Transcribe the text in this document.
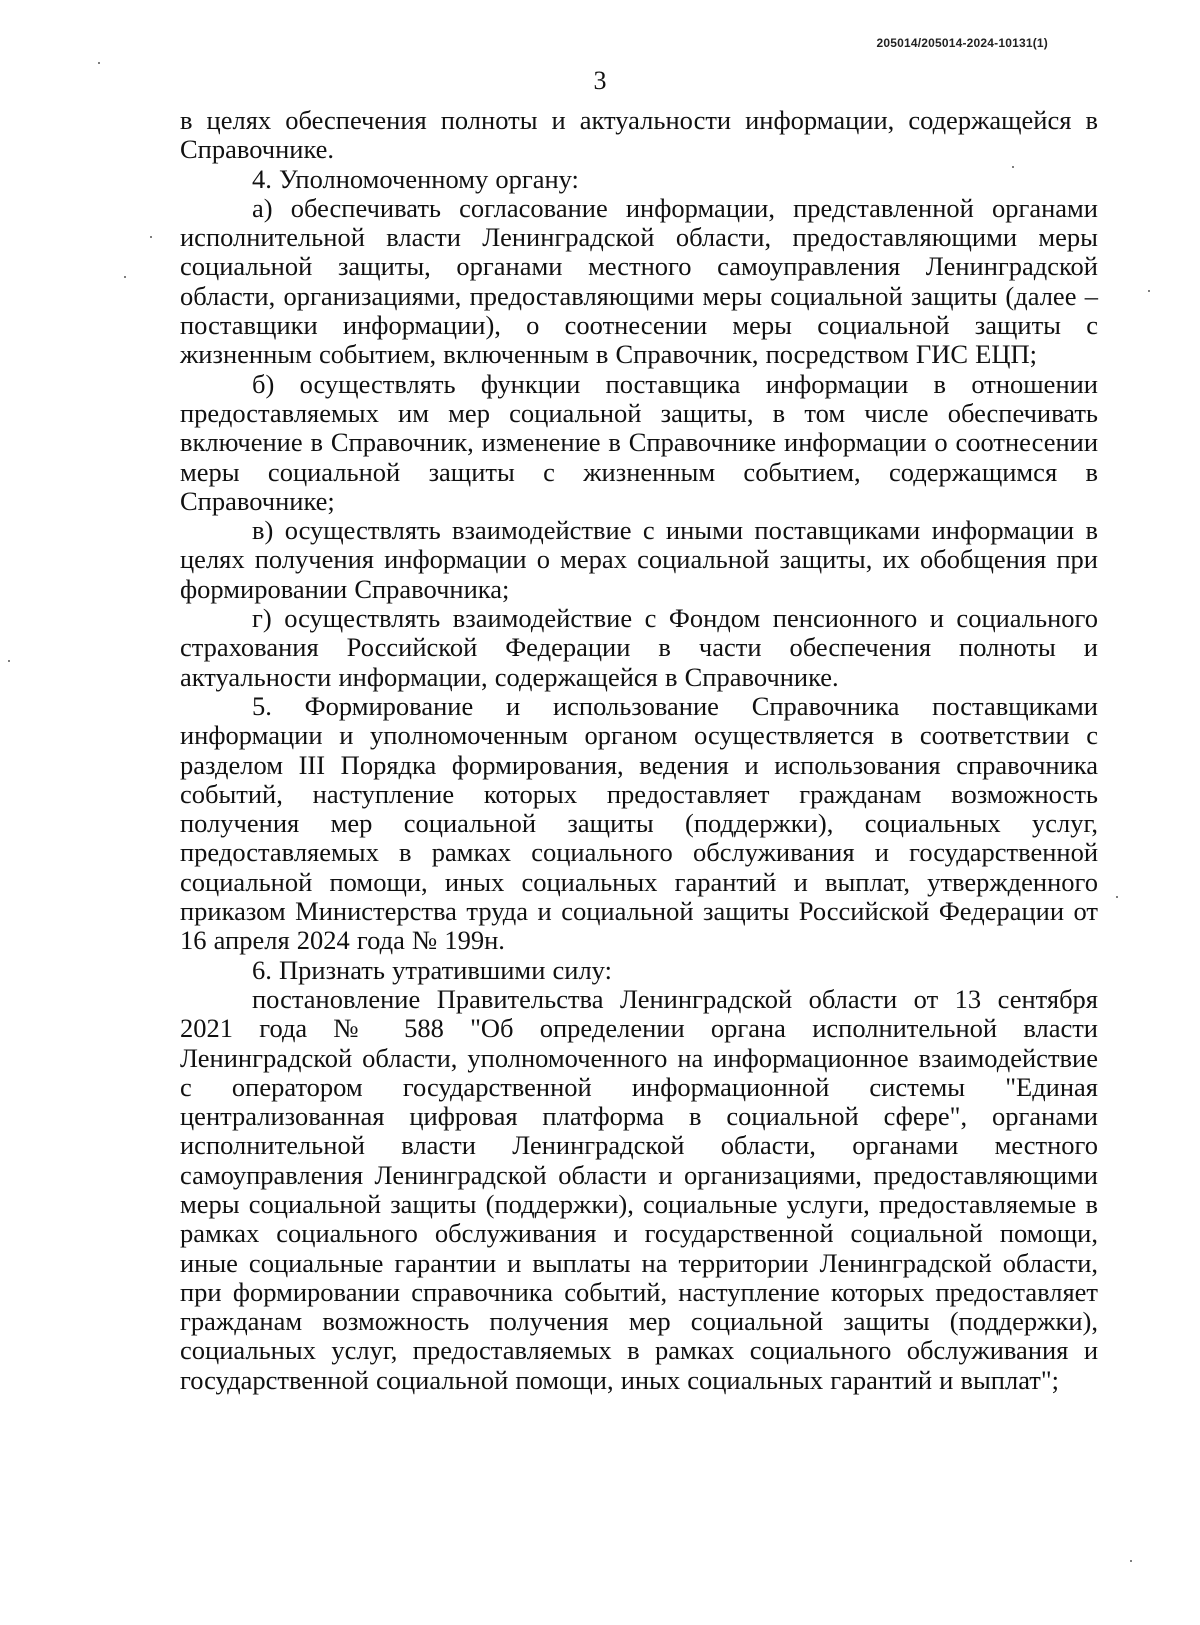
205014/205014-2024-10131(1)
3

в целях обеспечения полноты и актуальности информации, содержащейся в Справочнике.

4. Уполномоченному органу:

а) обеспечивать согласование информации, представленной органами исполнительной власти Ленинградской области, предоставляющими меры социальной защиты, органами местного самоуправления Ленинградской области, организациями, предоставляющими меры социальной защиты (далее – поставщики информации), о соотнесении меры социальной защиты с жизненным событием, включенным в Справочник, посредством ГИС ЕЦП;

б) осуществлять функции поставщика информации в отношении предоставляемых им мер социальной защиты, в том числе обеспечивать включение в Справочник, изменение в Справочнике информации о соотнесении меры социальной защиты с жизненным событием, содержащимся в Справочнике;

в) осуществлять взаимодействие с иными поставщиками информации в целях получения информации о мерах социальной защиты, их обобщения при формировании Справочника;

г) осуществлять взаимодействие с Фондом пенсионного и социального страхования Российской Федерации в части обеспечения полноты и актуальности информации, содержащейся в Справочнике.

5. Формирование и использование Справочника поставщиками информации и уполномоченным органом осуществляется в соответствии с разделом III Порядка формирования, ведения и использования справочника событий, наступление которых предоставляет гражданам возможность получения мер социальной защиты (поддержки), социальных услуг, предоставляемых в рамках социального обслуживания и государственной социальной помощи, иных социальных гарантий и выплат, утвержденного приказом Министерства труда и социальной защиты Российской Федерации от 16 апреля 2024 года № 199н.

6. Признать утратившими силу:

постановление Правительства Ленинградской области от 13 сентября 2021 года № 588 "Об определении органа исполнительной власти Ленинградской области, уполномоченного на информационное взаимодействие с оператором государственной информационной системы "Единая централизованная цифровая платформа в социальной сфере", органами исполнительной власти Ленинградской области, органами местного самоуправления Ленинградской области и организациями, предоставляющими меры социальной защиты (поддержки), социальные услуги, предоставляемые в рамках социального обслуживания и государственной социальной помощи, иные социальные гарантии и выплаты на территории Ленинградской области, при формировании справочника событий, наступление которых предоставляет гражданам возможность получения мер социальной защиты (поддержки), социальных услуг, предоставляемых в рамках социального обслуживания и государственной социальной помощи, иных социальных гарантий и выплат";
